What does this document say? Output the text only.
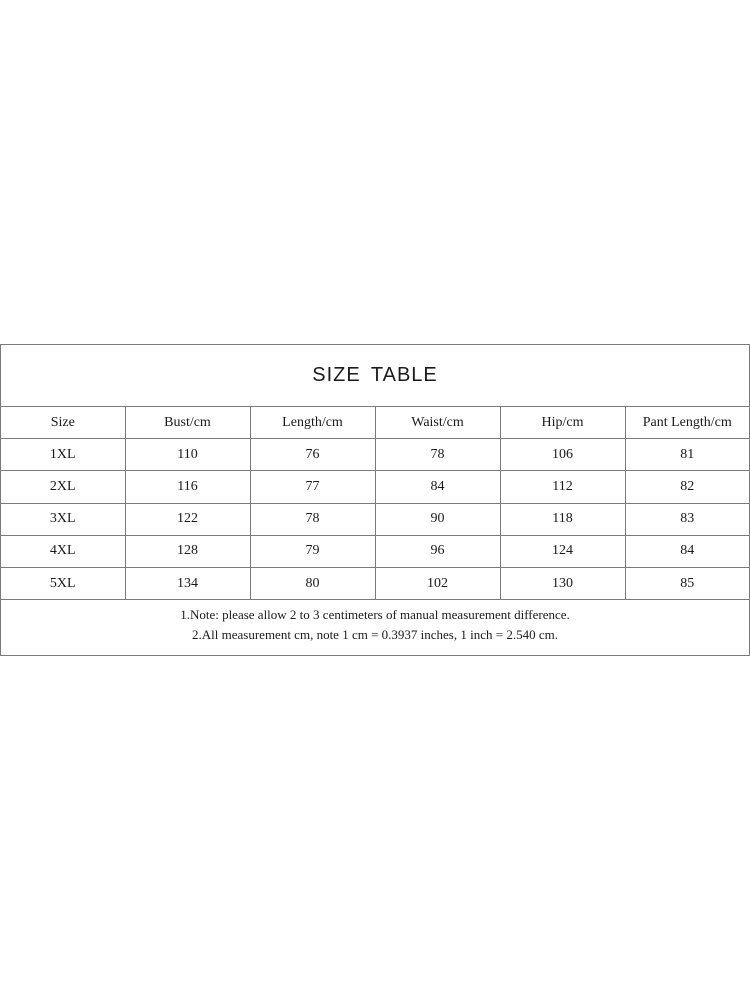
SIZE TABLE
Size	Bust/cm	Length/cm	Waist/cm	Hip/cm	Pant Length/cm
1XL	110	76	78	106	81
2XL	116	77	84	112	82
3XL	122	78	90	118	83
4XL	128	79	96	124	84
5XL	134	80	102	130	85
1.Note: please allow 2 to 3 centimeters of manual measurement difference.
2.All measurement cm, note 1 cm = 0.3937 inches, 1 inch = 2.540 cm.
